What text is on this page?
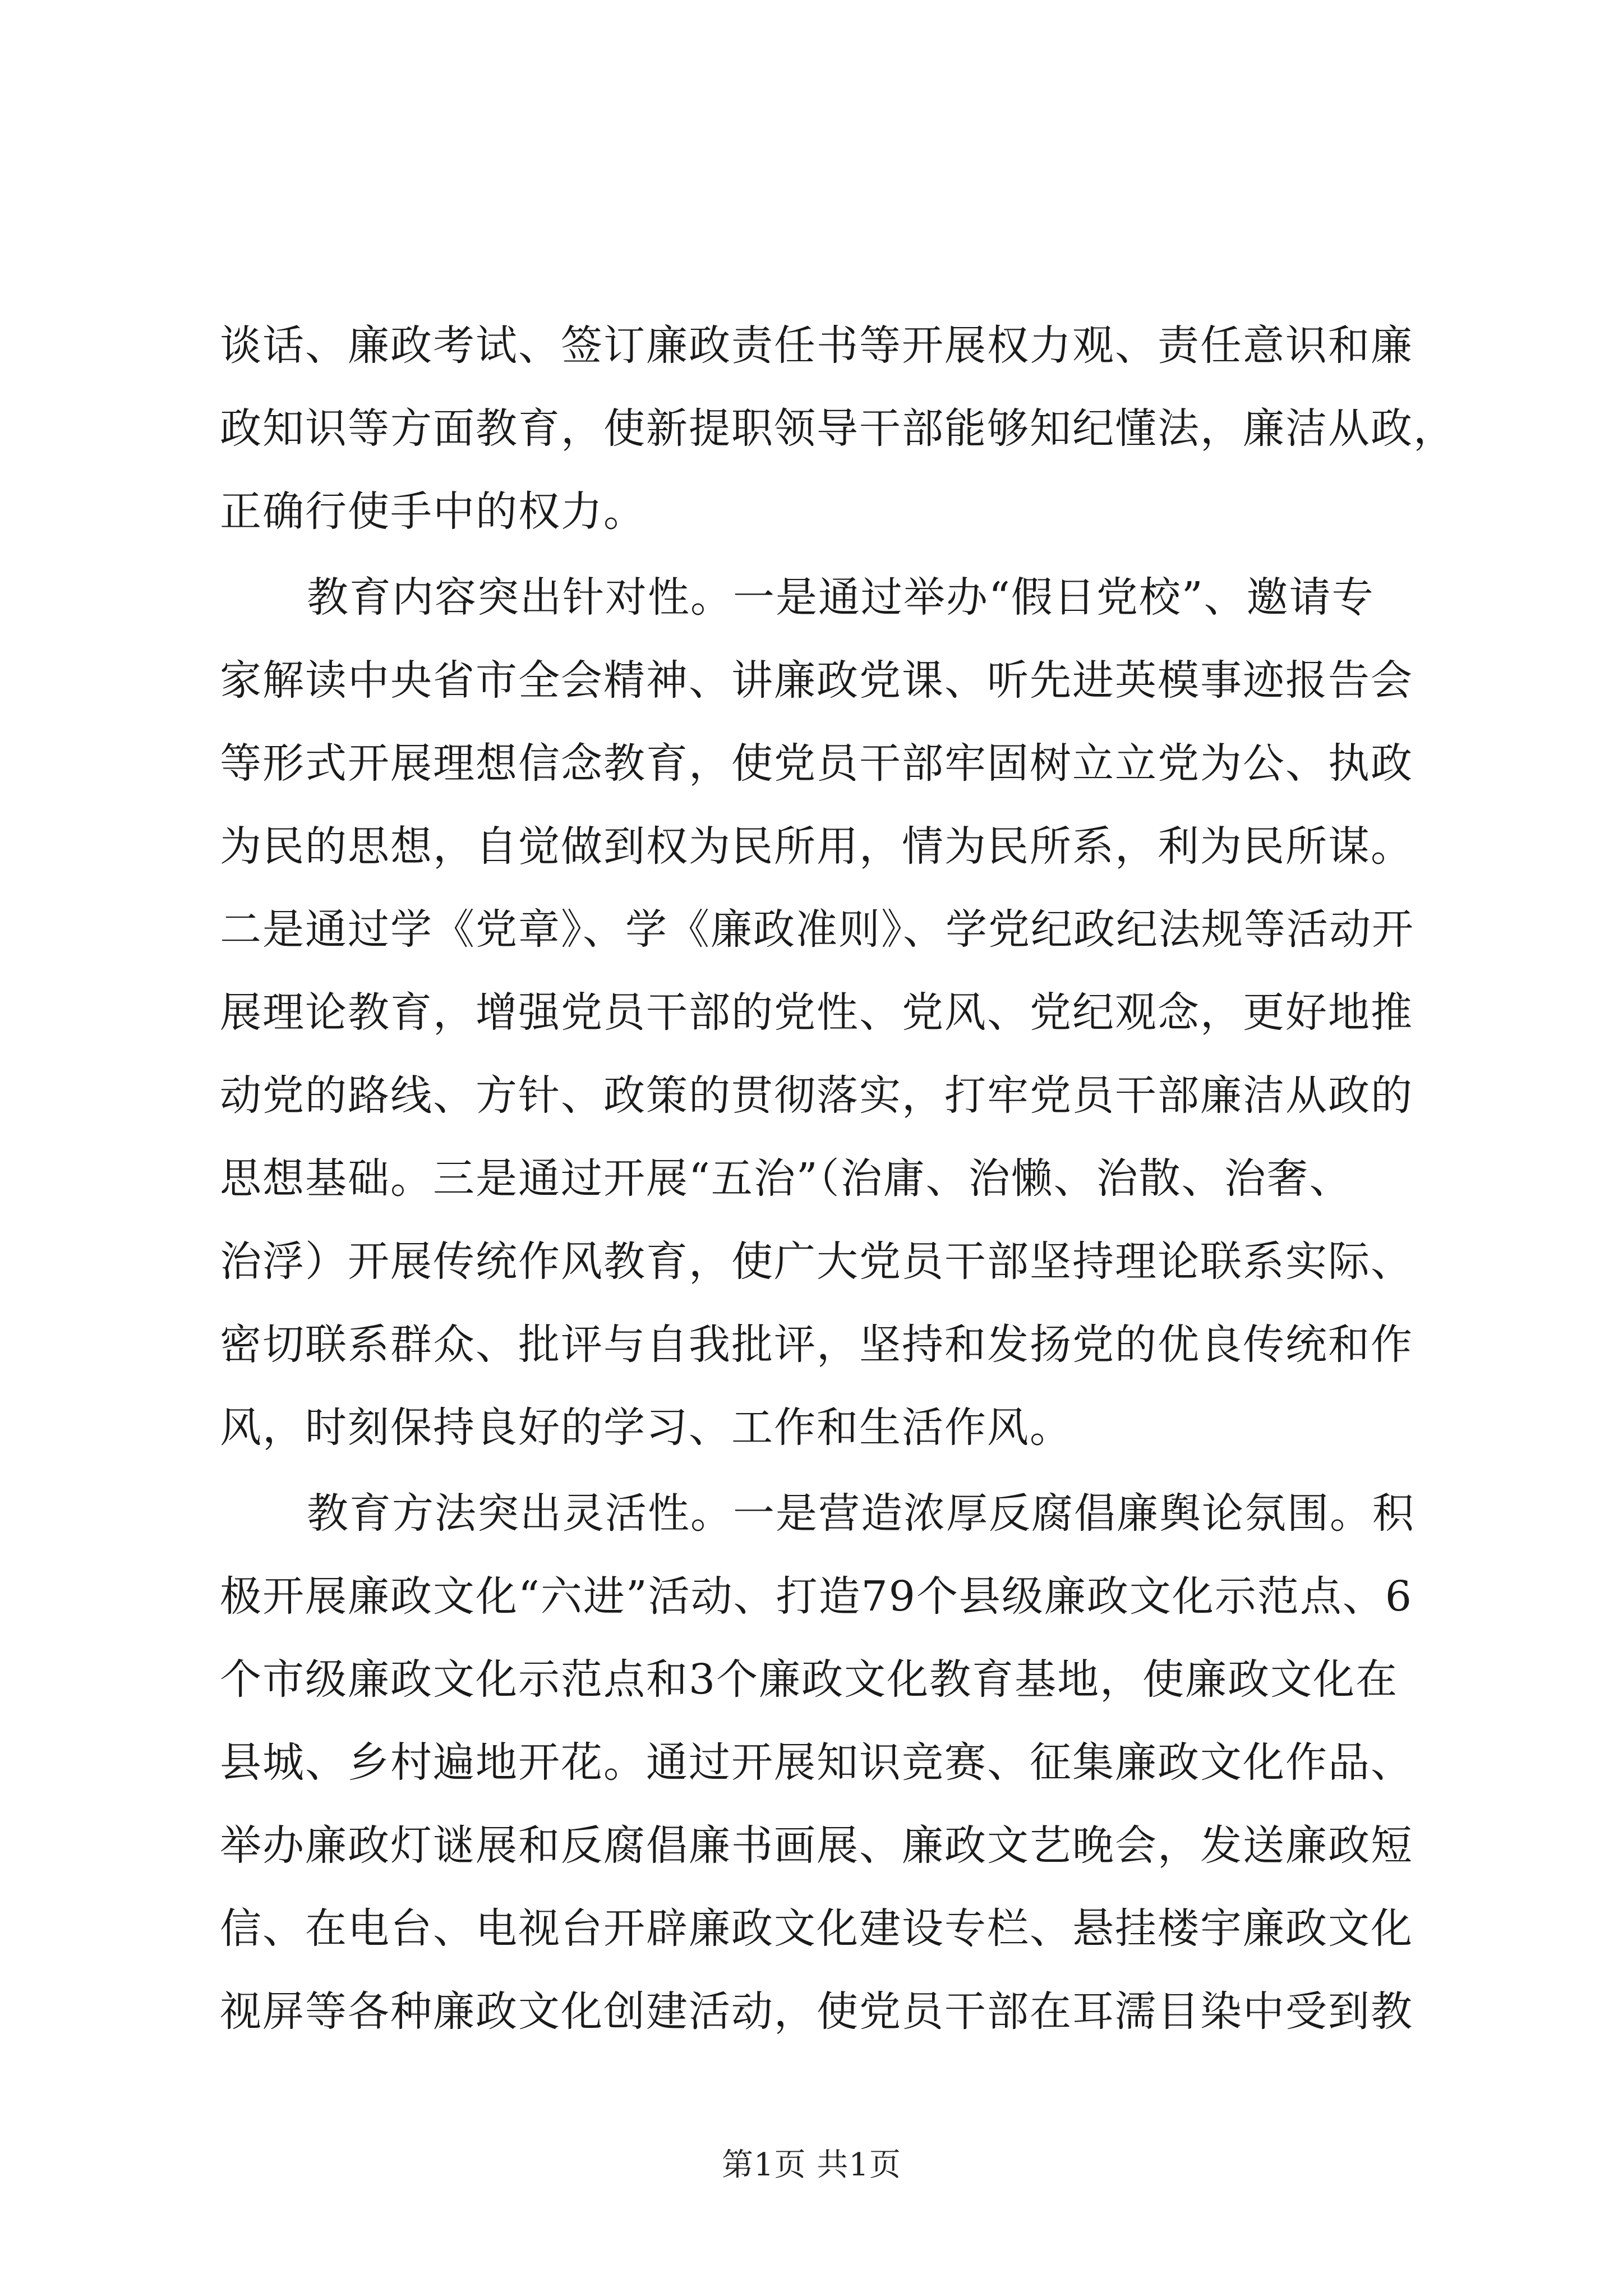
谈话、廉政考试、签订廉政责任书等开展权力观、责任意识和廉
政知识等方面教育，使新提职领导干部能够知纪懂法，廉洁从政，
正确行使手中的权力。
教育内容突出针对性。一是通过举办“假日党校”、邀请专
家解读中央省市全会精神、讲廉政党课、听先进英模事迹报告会
等形式开展理想信念教育，使党员干部牢固树立立党为公、执政
为民的思想，自觉做到权为民所用，情为民所系，利为民所谋。
二是通过学《党章》、学《廉政准则》、学党纪政纪法规等活动开
展理论教育，增强党员干部的党性、党风、党纪观念，更好地推
动党的路线、方针、政策的贯彻落实，打牢党员干部廉洁从政的
思想基础。三是通过开展“五治”（治庸、治懒、治散、治奢、
治浮）开展传统作风教育，使广大党员干部坚持理论联系实际、
密切联系群众、批评与自我批评，坚持和发扬党的优良传统和作
风，时刻保持良好的学习、工作和生活作风。
教育方法突出灵活性。一是营造浓厚反腐倡廉舆论氛围。积
极开展廉政文化“六进”活动、打造79个县级廉政文化示范点、6
个市级廉政文化示范点和3个廉政文化教育基地，使廉政文化在
县城、乡村遍地开花。通过开展知识竞赛、征集廉政文化作品、
举办廉政灯谜展和反腐倡廉书画展、廉政文艺晚会，发送廉政短
信、在电台、电视台开辟廉政文化建设专栏、悬挂楼宇廉政文化
视屏等各种廉政文化创建活动，使党员干部在耳濡目染中受到教
第1页 共1页
